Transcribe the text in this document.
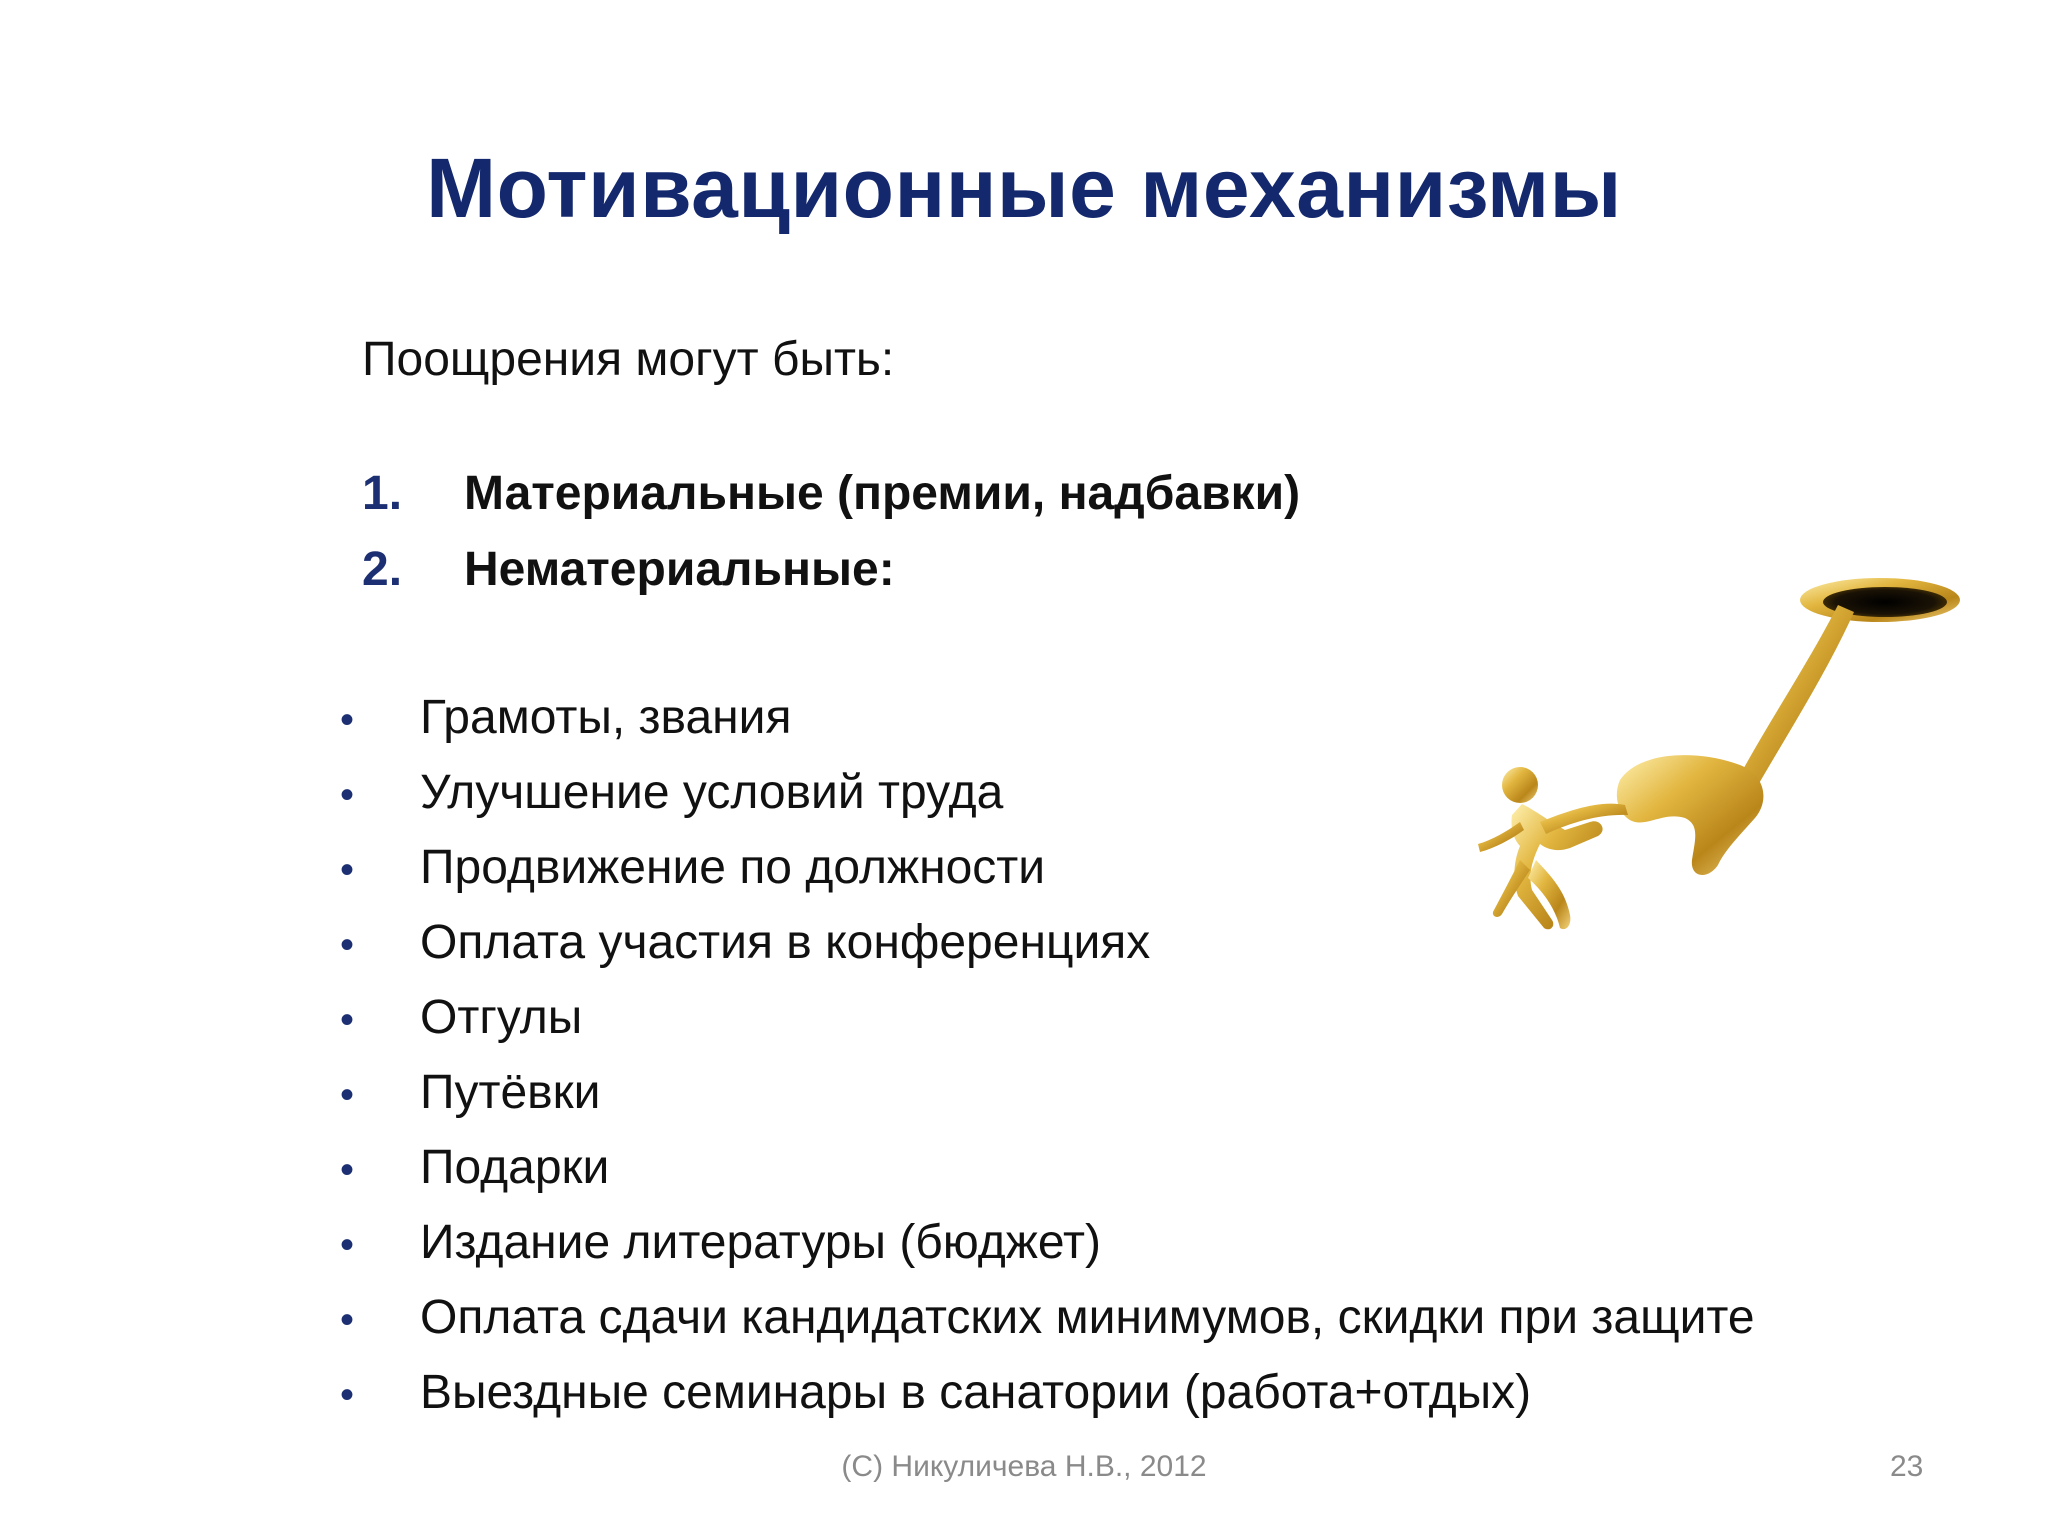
Мотивационные механизмы
Поощрения могут быть:
1.	Материальные (премии, надбавки)
2.	Нематериальные:
•	Грамоты, звания
•	Улучшение условий труда
•	Продвижение по должности
•	Оплата участия в конференциях
•	Отгулы
•	Путёвки
•	Подарки
•	Издание литературы (бюджет)
•	Оплата сдачи кандидатских минимумов, скидки при защите
•	Выездные семинары в санатории (работа+отдых)
(C) Никуличева Н.В., 2012	23
